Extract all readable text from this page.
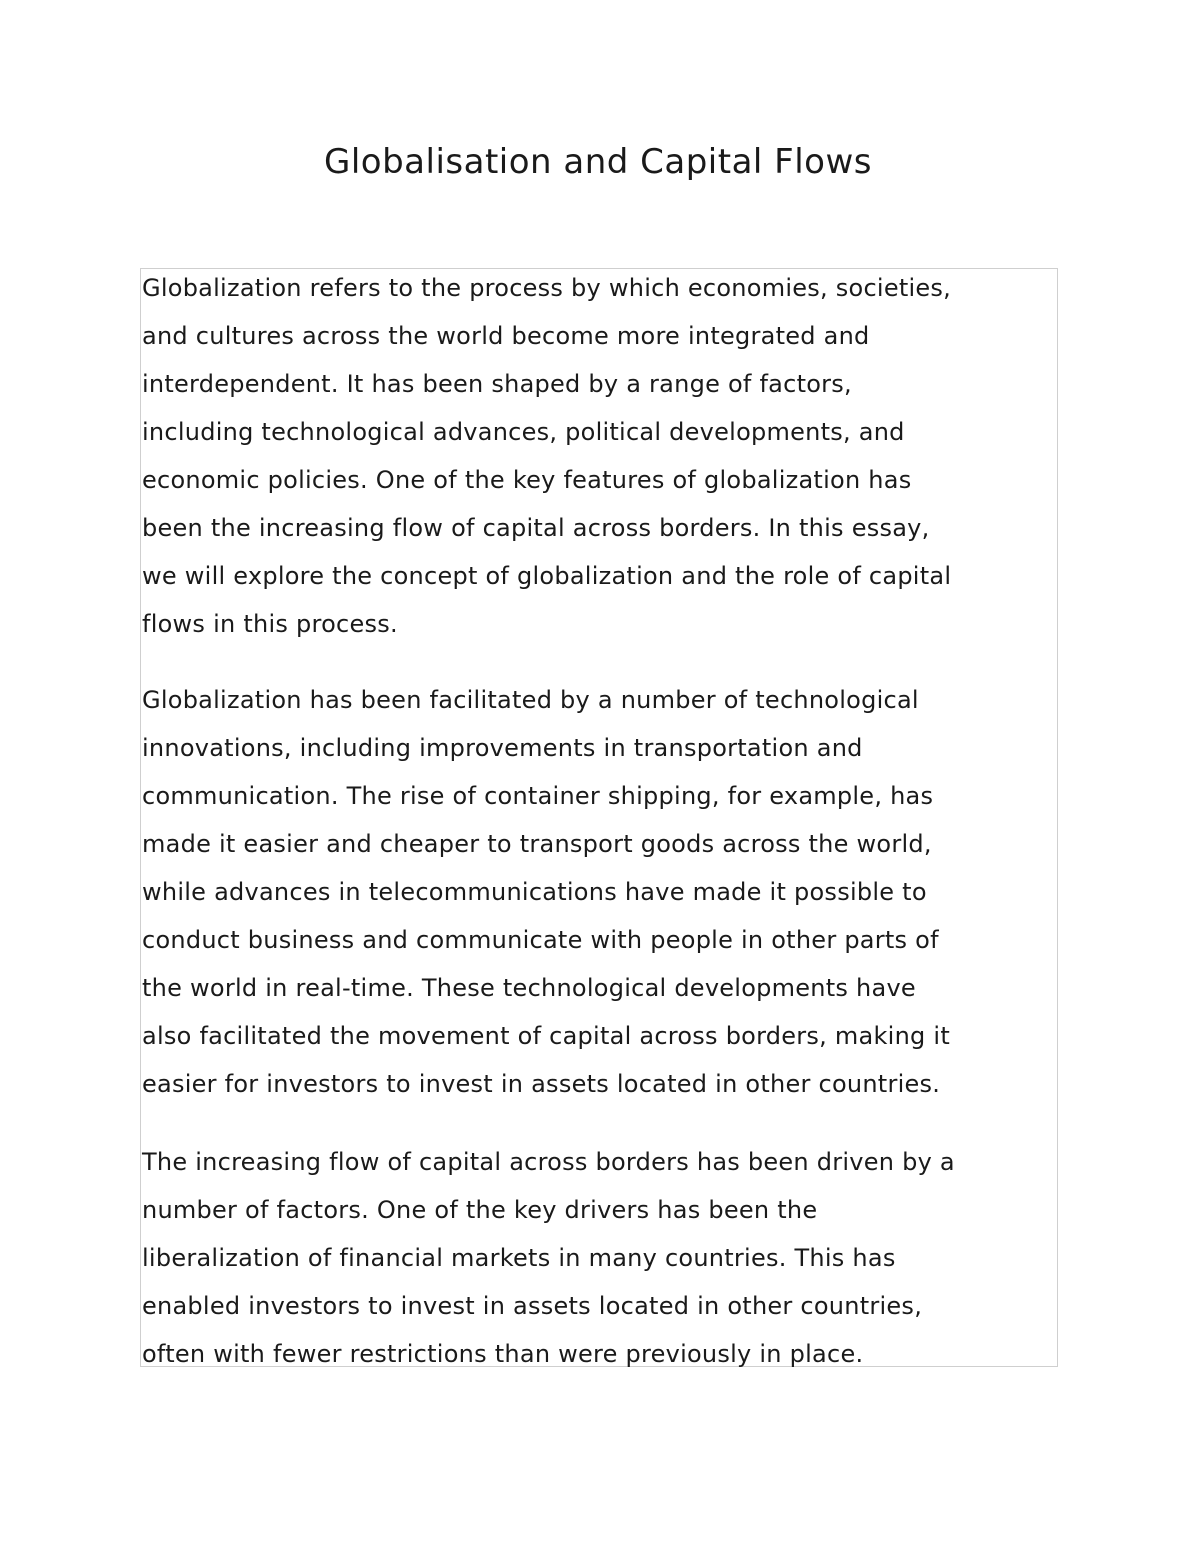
Globalisation and Capital Flows

Globalization refers to the process by which economies, societies,
and cultures across the world become more integrated and
interdependent. It has been shaped by a range of factors,
including technological advances, political developments, and
economic policies. One of the key features of globalization has
been the increasing flow of capital across borders. In this essay,
we will explore the concept of globalization and the role of capital
flows in this process.

Globalization has been facilitated by a number of technological
innovations, including improvements in transportation and
communication. The rise of container shipping, for example, has
made it easier and cheaper to transport goods across the world,
while advances in telecommunications have made it possible to
conduct business and communicate with people in other parts of
the world in real-time. These technological developments have
also facilitated the movement of capital across borders, making it
easier for investors to invest in assets located in other countries.

The increasing flow of capital across borders has been driven by a
number of factors. One of the key drivers has been the
liberalization of financial markets in many countries. This has
enabled investors to invest in assets located in other countries,
often with fewer restrictions than were previously in place.
